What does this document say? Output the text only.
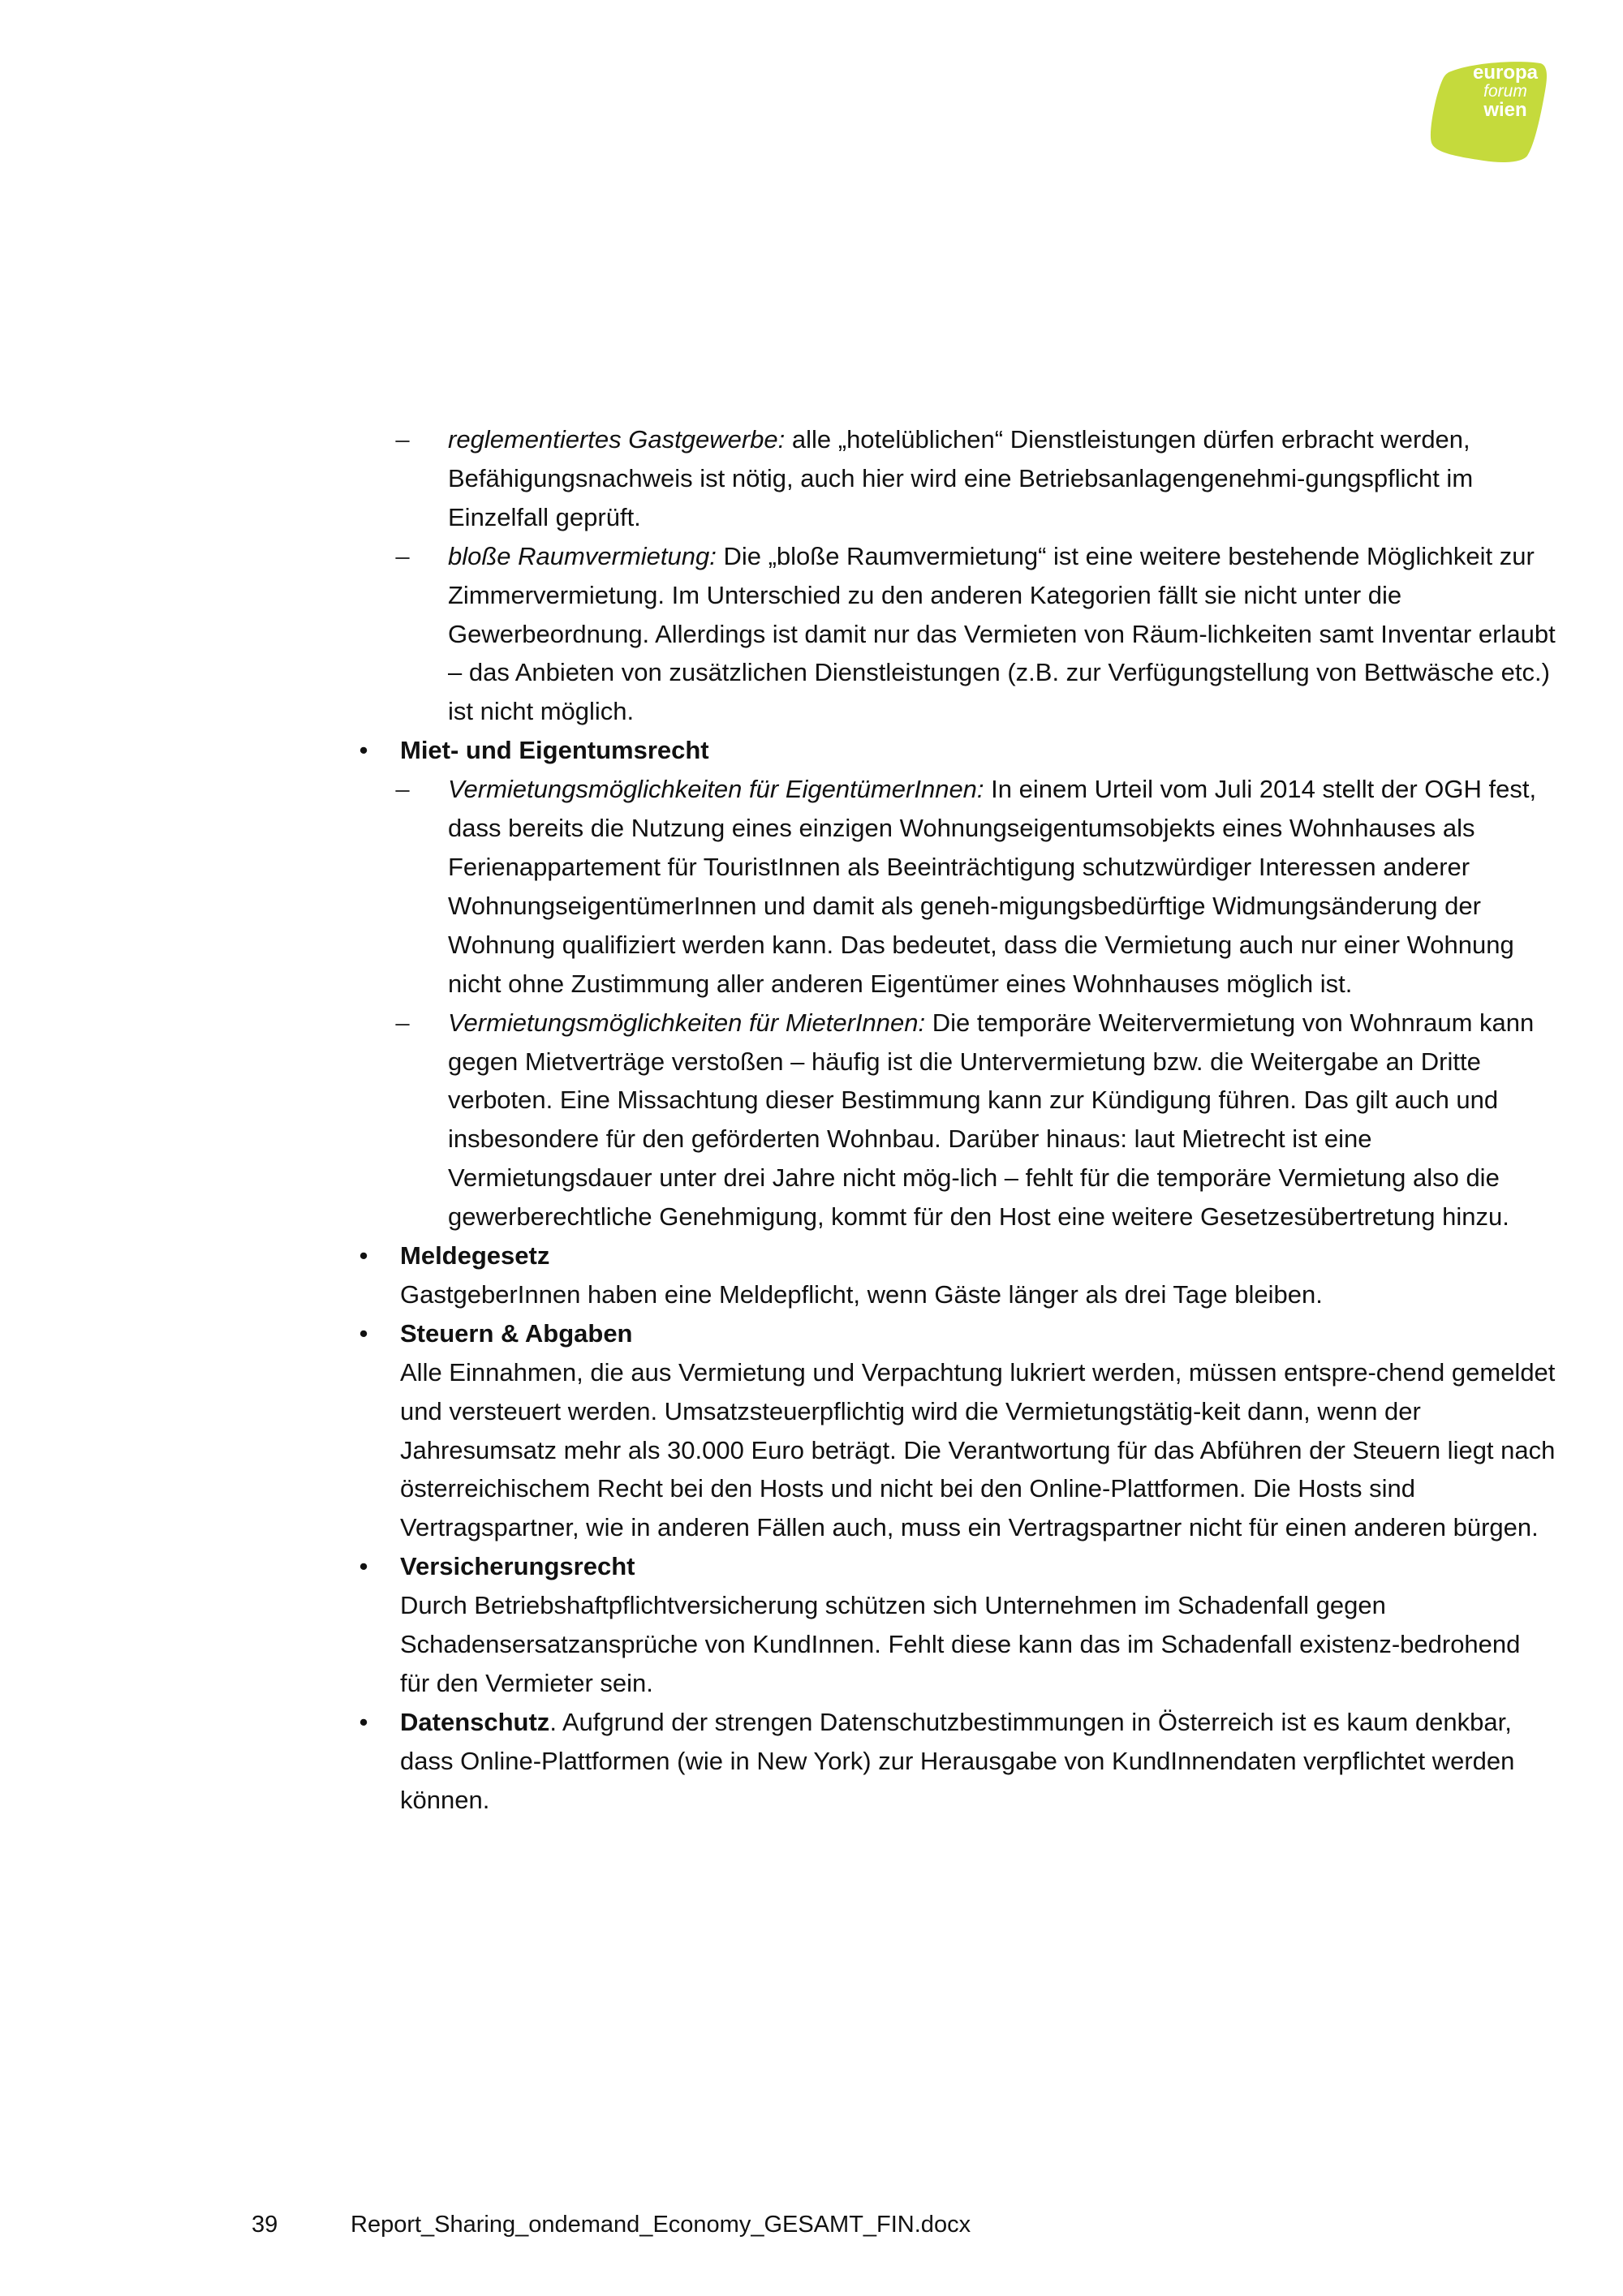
europa
forum
wien

– reglementiertes Gastgewerbe: alle „hotelüblichen“ Dienstleistungen dürfen erbracht werden, Befähigungsnachweis ist nötig, auch hier wird eine Betriebsanlagengenehmi-gungspflicht im Einzelfall geprüft.

– bloße Raumvermietung: Die „bloße Raumvermietung“ ist eine weitere bestehende Möglichkeit zur Zimmervermietung. Im Unterschied zu den anderen Kategorien fällt sie nicht unter die Gewerbeordnung. Allerdings ist damit nur das Vermieten von Räum-lichkeiten samt Inventar erlaubt – das Anbieten von zusätzlichen Dienstleistungen (z.B. zur Verfügungstellung von Bettwäsche etc.) ist nicht möglich.

•	Miet- und Eigentumsrecht

– Vermietungsmöglichkeiten für EigentümerInnen: In einem Urteil vom Juli 2014 stellt der OGH fest, dass bereits die Nutzung eines einzigen Wohnungseigentumsobjekts eines Wohnhauses als Ferienappartement für TouristInnen als Beeinträchtigung schutzwürdiger Interessen anderer WohnungseigentümerInnen und damit als geneh-migungsbedürftige Widmungsänderung der Wohnung qualifiziert werden kann. Das bedeutet, dass die Vermietung auch nur einer Wohnung nicht ohne Zustimmung aller anderen Eigentümer eines Wohnhauses möglich ist.

– Vermietungsmöglichkeiten für MieterInnen: Die temporäre Weitervermietung von Wohnraum kann gegen Mietverträge verstoßen – häufig ist die Untervermietung bzw. die Weitergabe an Dritte verboten. Eine Missachtung dieser Bestimmung kann zur Kündigung führen. Das gilt auch und insbesondere für den geförderten Wohnbau. Darüber hinaus: laut Mietrecht ist eine Vermietungsdauer unter drei Jahre nicht mög-lich – fehlt für die temporäre Vermietung also die gewerberechtliche Genehmigung, kommt für den Host eine weitere Gesetzesübertretung hinzu.

•	Meldegesetz
GastgeberInnen haben eine Meldepflicht, wenn Gäste länger als drei Tage bleiben.
•	Steuern & Abgaben
Alle Einnahmen, die aus Vermietung und Verpachtung lukriert werden, müssen entspre-chend gemeldet und versteuert werden. Umsatzsteuerpflichtig wird die Vermietungstätig-keit dann, wenn der Jahresumsatz mehr als 30.000 Euro beträgt. Die Verantwortung für das Abführen der Steuern liegt nach österreichischem Recht bei den Hosts und nicht bei den Online-Plattformen. Die Hosts sind Vertragspartner, wie in anderen Fällen auch, muss ein Vertragspartner nicht für einen anderen bürgen.
•	Versicherungsrecht
Durch Betriebshaftpflichtversicherung schützen sich Unternehmen im Schadenfall gegen Schadensersatzansprüche von KundInnen. Fehlt diese kann das im Schadenfall existenz-bedrohend für den Vermieter sein.
•	Datenschutz. Aufgrund der strengen Datenschutzbestimmungen in Österreich ist es kaum denkbar, dass Online-Plattformen (wie in New York) zur Herausgabe von KundInnendaten verpflichtet werden können.
39	Report_Sharing_ondemand_Economy_GESAMT_FIN.docx
